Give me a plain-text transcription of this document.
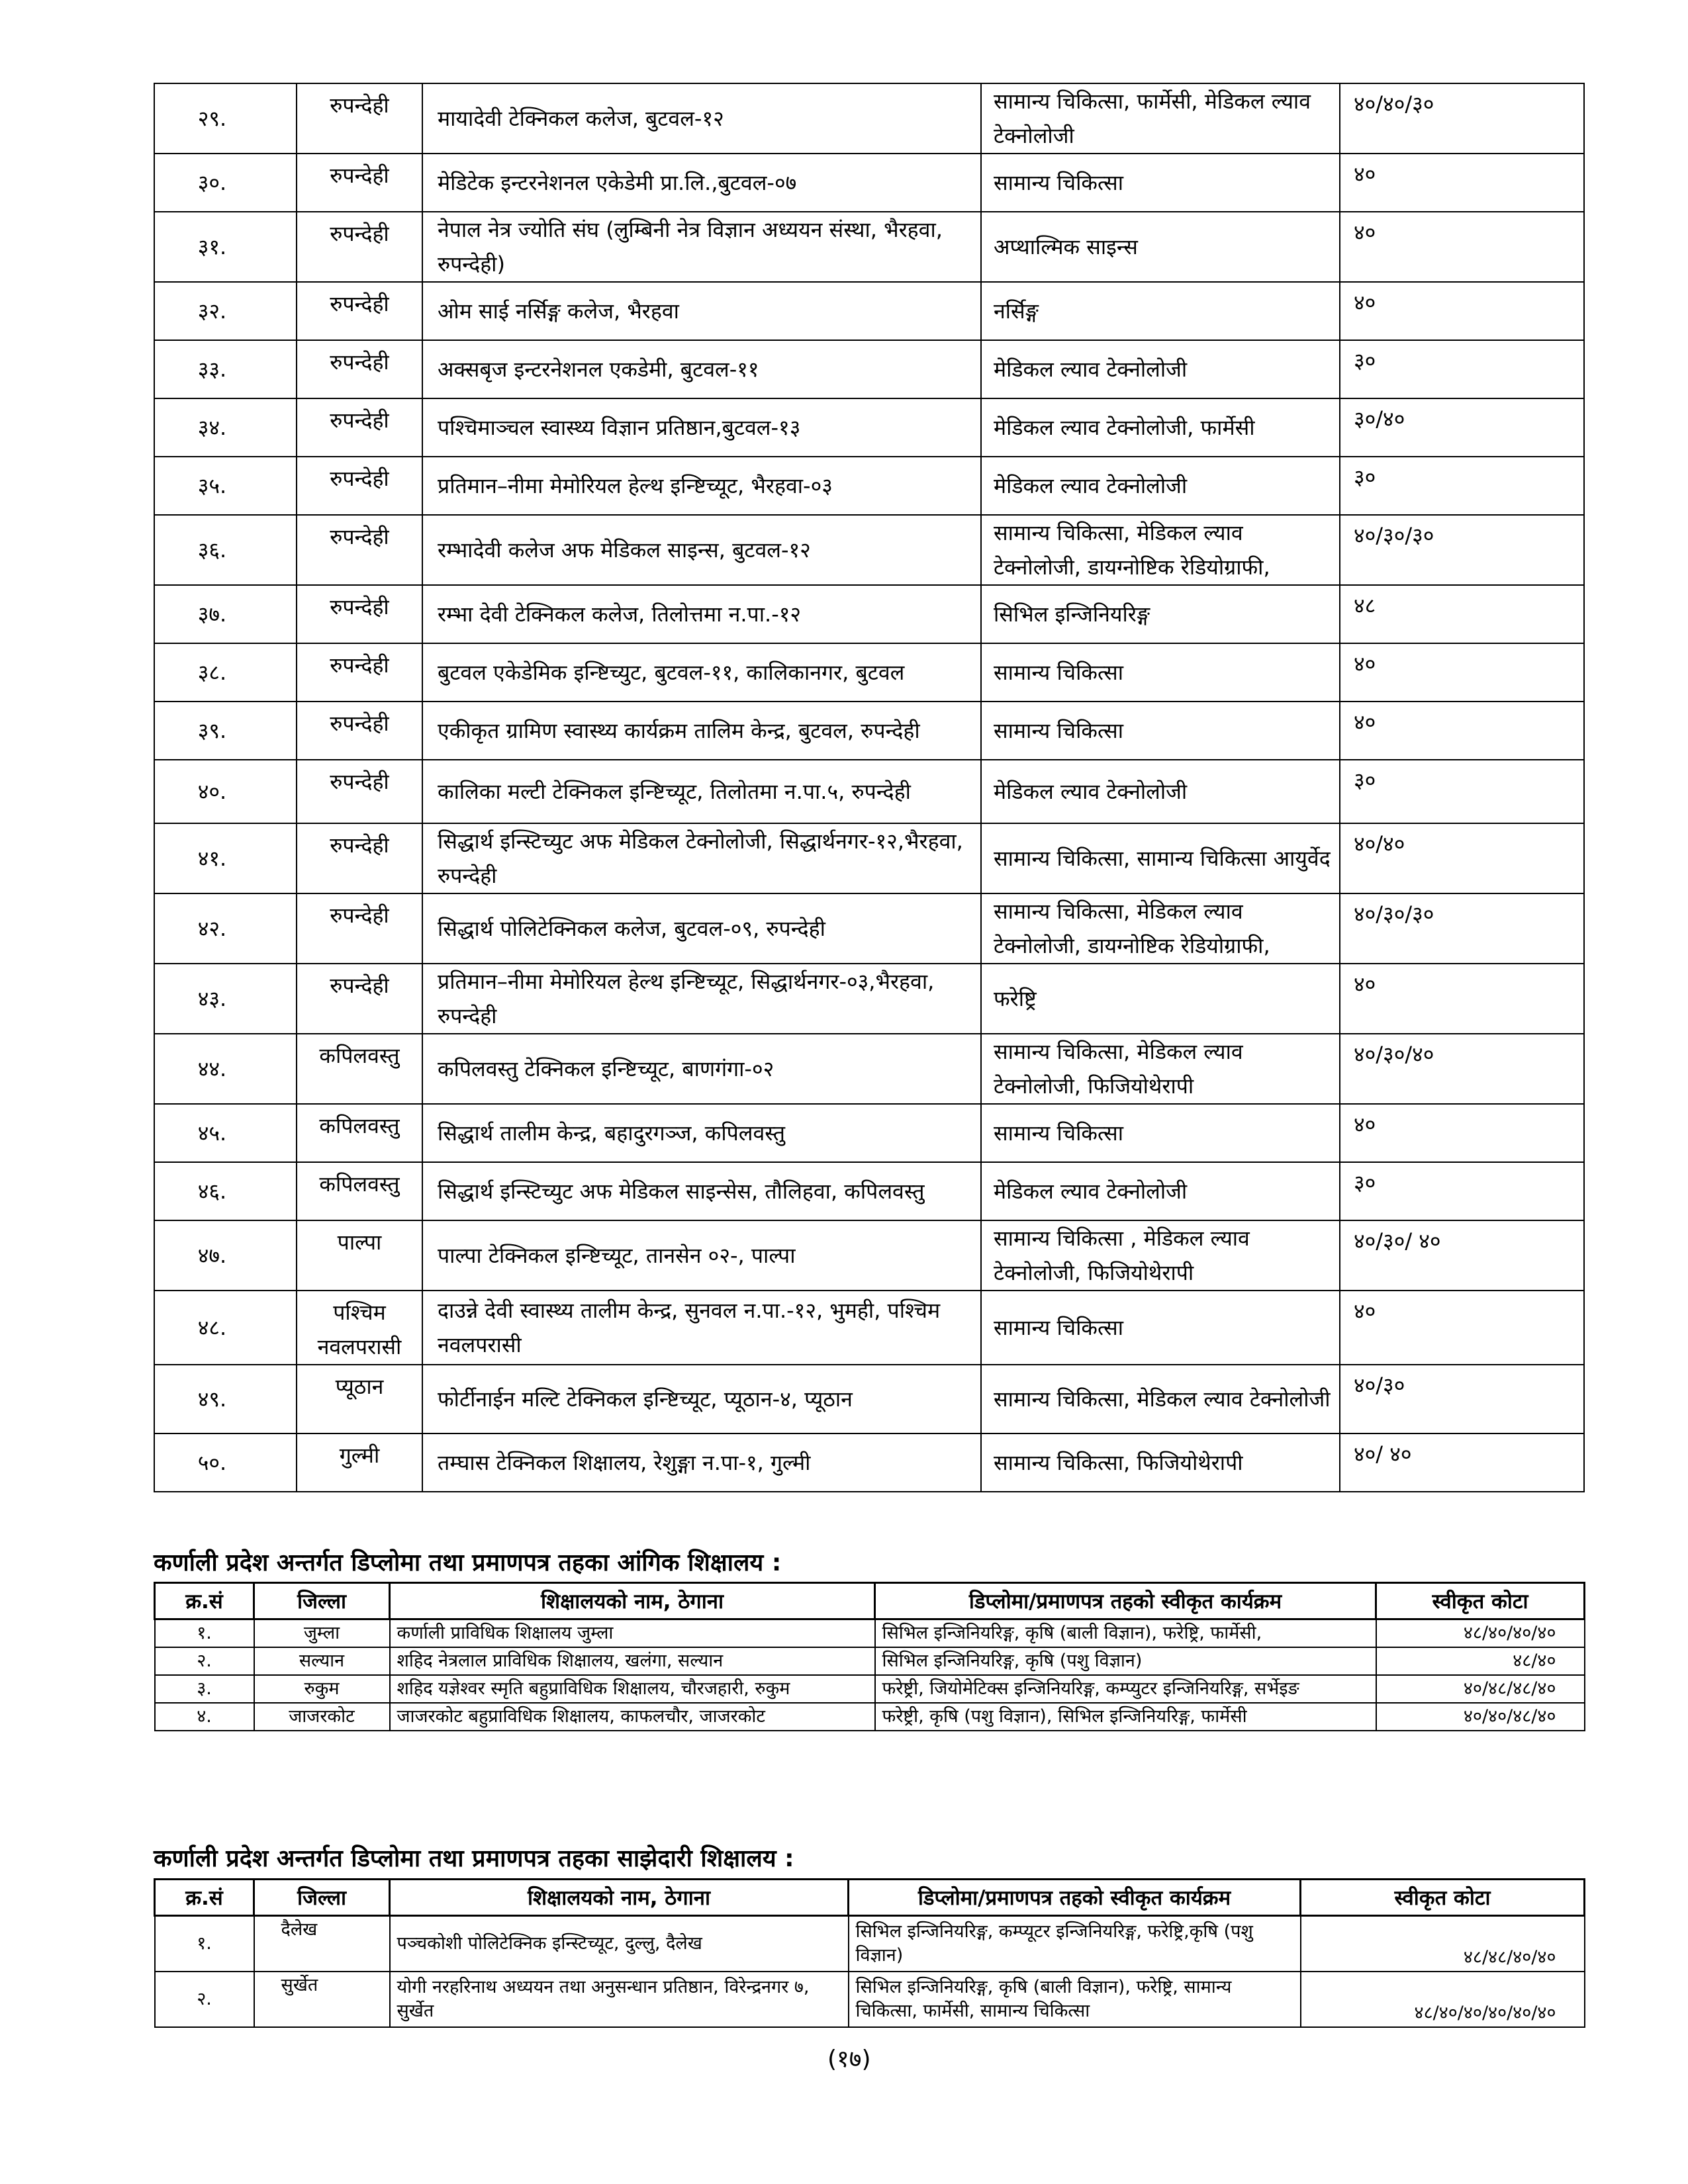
२९.	रुपन्देही	मायादेवी टेक्निकल कलेज, बुटवल-१२	सामान्य चिकित्सा, फार्मेसी, मेडिकल ल्याव टेक्नोलोजी	४०/४०/३०
३०.	रुपन्देही	मेडिटेक इन्टरनेशनल एकेडेमी प्रा.लि.,बुटवल-०७	सामान्य चिकित्सा	४०
३१.	रुपन्देही	नेपाल नेत्र ज्योति संघ (लुम्बिनी नेत्र विज्ञान अध्ययन संस्था, भैरहवा, रुपन्देही)	अप्थाल्मिक साइन्स	४०
३२.	रुपन्देही	ओम साई नर्सिङ्ग कलेज, भैरहवा	नर्सिङ्ग	४०
३३.	रुपन्देही	अक्सबृज इन्टरनेशनल एकडेमी, बुटवल-११	मेडिकल ल्याव टेक्नोलोजी	३०
३४.	रुपन्देही	पश्चिमाञ्चल स्वास्थ्य विज्ञान प्रतिष्ठान,बुटवल-१३	मेडिकल ल्याव टेक्नोलोजी, फार्मेसी	३०/४०
३५.	रुपन्देही	प्रतिमान–नीमा मेमोरियल हेल्थ इन्ष्टिच्यूट, भैरहवा-०३	मेडिकल ल्याव टेक्नोलोजी	३०
३६.	रुपन्देही	रम्भादेवी कलेज अफ मेडिकल साइन्स, बुटवल-१२	सामान्य चिकित्सा, मेडिकल ल्याव टेक्नोलोजी, डायग्नोष्टिक रेडियोग्राफी,	४०/३०/३०
३७.	रुपन्देही	रम्भा देवी टेक्निकल कलेज, तिलोत्तमा न.पा.-१२	सिभिल इन्जिनियरिङ्ग	४८
३८.	रुपन्देही	बुटवल एकेडेमिक इन्ष्टिच्युट, बुटवल-११, कालिकानगर, बुटवल	सामान्य चिकित्सा	४०
३९.	रुपन्देही	एकीकृत ग्रामिण स्वास्थ्य कार्यक्रम तालिम केन्द्र, बुटवल, रुपन्देही	सामान्य चिकित्सा	४०
४०.	रुपन्देही	कालिका मल्टी टेक्निकल इन्ष्टिच्यूट, तिलोतमा न.पा.५, रुपन्देही	मेडिकल ल्याव टेक्नोलोजी	३०
४१.	रुपन्देही	सिद्धार्थ इन्स्टिच्युट अफ मेडिकल टेक्नोलोजी, सिद्धार्थनगर-१२,भैरहवा, रुपन्देही	सामान्य चिकित्सा, सामान्य चिकित्सा आयुर्वेद	४०/४०
४२.	रुपन्देही	सिद्धार्थ पोलिटेक्निकल कलेज, बुटवल-०९, रुपन्देही	सामान्य चिकित्सा, मेडिकल ल्याव टेक्नोलोजी, डायग्नोष्टिक रेडियोग्राफी,	४०/३०/३०
४३.	रुपन्देही	प्रतिमान–नीमा मेमोरियल हेल्थ इन्ष्टिच्यूट, सिद्धार्थनगर-०३,भैरहवा, रुपन्देही	फरेष्ट्रि	४०
४४.	कपिलवस्तु	कपिलवस्तु टेक्निकल इन्ष्टिच्यूट, बाणगंगा-०२	सामान्य चिकित्सा, मेडिकल ल्याव टेक्नोलोजी, फिजियोथेरापी	४०/३०/४०
४५.	कपिलवस्तु	सिद्धार्थ तालीम केन्द्र, बहादुरगञ्ज, कपिलवस्तु	सामान्य चिकित्सा	४०
४६.	कपिलवस्तु	सिद्धार्थ इन्स्टिच्युट अफ मेडिकल साइन्सेस, तौलिहवा, कपिलवस्तु	मेडिकल ल्याव टेक्नोलोजी	३०
४७.	पाल्पा	पाल्पा टेक्निकल इन्ष्टिच्यूट, तानसेन ०२-, पाल्पा	सामान्य चिकित्सा , मेडिकल ल्याव टेक्नोलोजी, फिजियोथेरापी	४०/३०/ ४०
४८.	पश्चिम नवलपरासी	दाउन्ने देवी स्वास्थ्य तालीम केन्द्र, सुनवल न.पा.-१२, भुमही, पश्चिम नवलपरासी	सामान्य चिकित्सा	४०
४९.	प्यूठान	फोर्टीनाईन मल्टि टेक्निकल इन्ष्टिच्यूट, प्यूठान-४, प्यूठान	सामान्य चिकित्सा, मेडिकल ल्याव टेक्नोलोजी	४०/३०
५०.	गुल्मी	तम्घास टेक्निकल शिक्षालय, रेशुङ्गा न.पा-१, गुल्मी	सामान्य चिकित्सा, फिजियोथेरापी	४०/ ४०
कर्णाली प्रदेश अन्तर्गत डिप्लोमा तथा प्रमाणपत्र तहका आंगिक शिक्षालय :
क्र.सं	जिल्ला	शिक्षालयको नाम, ठेगाना	डिप्लोमा/प्रमाणपत्र तहको स्वीकृत कार्यक्रम	स्वीकृत कोटा
१.	जुम्ला	कर्णाली प्राविधिक शिक्षालय जुम्ला	सिभिल इन्जिनियरिङ्ग, कृषि (बाली विज्ञान), फरेष्ट्रि, फार्मेसी,	४८/४०/४०/४०
२.	सल्यान	शहिद नेत्रलाल प्राविधिक शिक्षालय, खलंगा, सल्यान	सिभिल इन्जिनियरिङ्ग, कृषि (पशु विज्ञान)	४८/४०
३.	रुकुम	शहिद यज्ञेश्वर स्मृति बहुप्राविधिक शिक्षालय, चौरजहारी, रुकुम	फरेष्ट्री, जियोमेटिक्स इन्जिनियरिङ्ग, कम्प्युटर इन्जिनियरिङ्ग, सर्भेइङ	४०/४८/४८/४०
४.	जाजरकोट	जाजरकोट बहुप्राविधिक शिक्षालय, काफलचौर, जाजरकोट	फरेष्ट्री, कृषि (पशु विज्ञान), सिभिल इन्जिनियरिङ्ग, फार्मेसी	४०/४०/४८/४०
कर्णाली प्रदेश अन्तर्गत डिप्लोमा तथा प्रमाणपत्र तहका साझेदारी शिक्षालय :
क्र.सं	जिल्ला	शिक्षालयको नाम, ठेगाना	डिप्लोमा/प्रमाणपत्र तहको स्वीकृत कार्यक्रम	स्वीकृत कोटा
१.	दैलेख	पञ्चकोशी पोलिटेक्निक इन्स्टिच्यूट, दुल्लु, दैलेख	सिभिल इन्जिनियरिङ्ग, कम्प्यूटर इन्जिनियरिङ्ग, फरेष्ट्रि,कृषि (पशु विज्ञान)	४८/४८/४०/४०
२.	सुर्खेत	योगी नरहरिनाथ अध्ययन तथा अनुसन्धान प्रतिष्ठान, विरेन्द्रनगर ७, सुर्खेत	सिभिल इन्जिनियरिङ्ग, कृषि (बाली विज्ञान), फरेष्ट्रि, सामान्य चिकित्सा, फार्मेसी, सामान्य चिकित्सा	४८/४०/४०/४०/४०/४०
(१७)
